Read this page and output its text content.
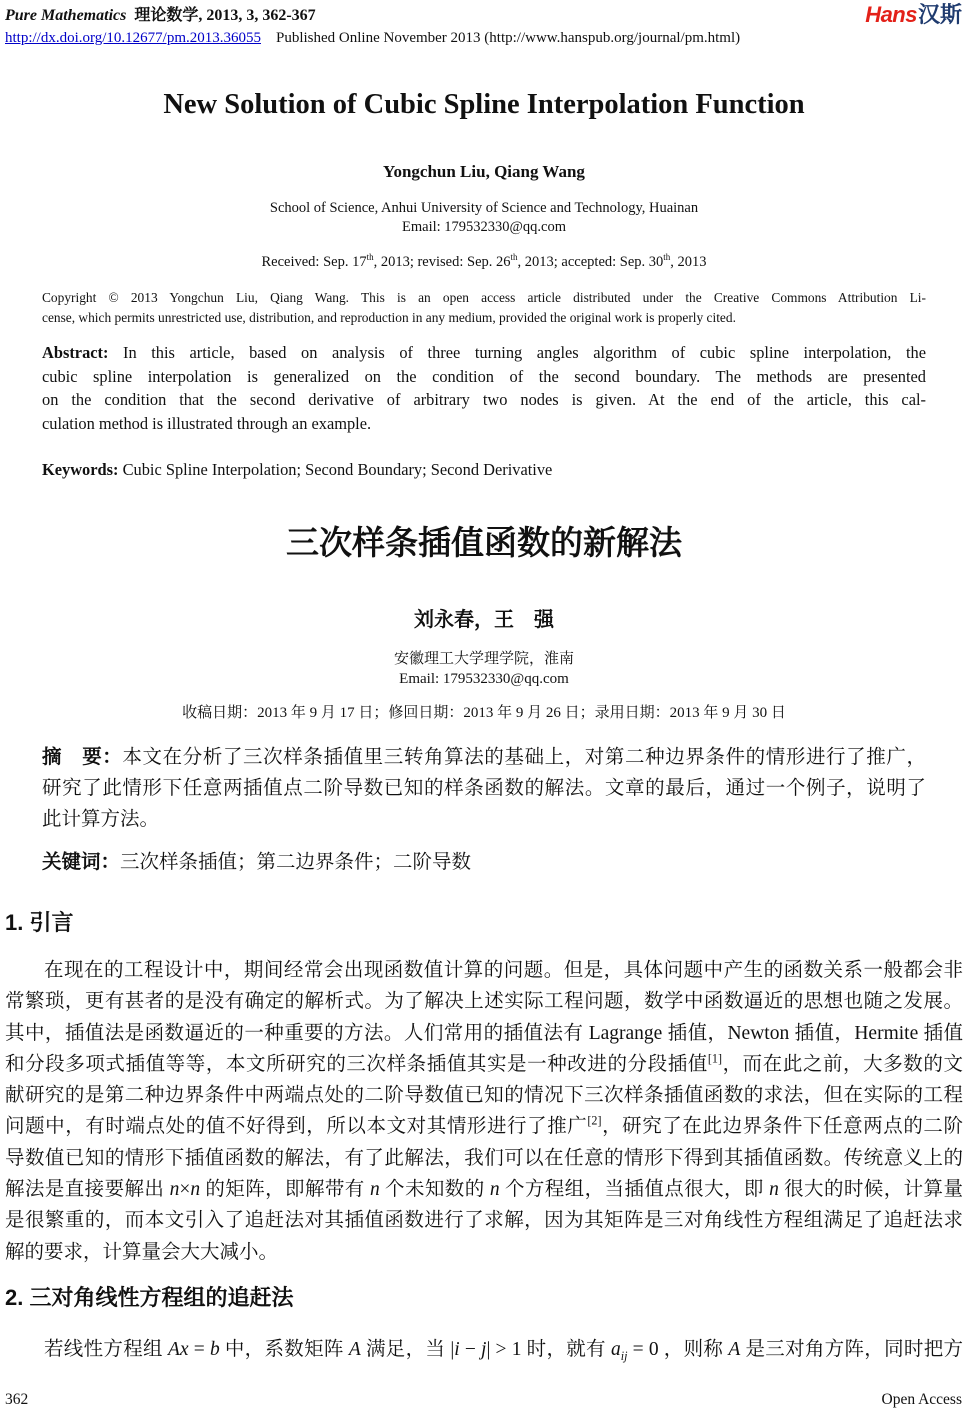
Pure Mathematics  理论数学, 2013, 3, 362-367
http://dx.doi.org/10.12677/pm.2013.36055    Published Online November 2013 (http://www.hanspub.org/journal/pm.html)
Hans汉斯
New Solution of Cubic Spline Interpolation Function
Yongchun Liu, Qiang Wang
School of Science, Anhui University of Science and Technology, Huainan
Email: 179532330@qq.com
Received: Sep. 17th, 2013; revised: Sep. 26th, 2013; accepted: Sep. 30th, 2013
Copyright © 2013 Yongchun Liu, Qiang Wang. This is an open access article distributed under the Creative Commons Attribution Li-
cense, which permits unrestricted use, distribution, and reproduction in any medium, provided the original work is properly cited.
Abstract: In this article, based on analysis of three turning angles algorithm of cubic spline interpolation, the
cubic spline interpolation is generalized on the condition of the second boundary. The methods are presented
on the condition that the second derivative of arbitrary two nodes is given. At the end of the article, this cal-
culation method is illustrated through an example.
Keywords: Cubic Spline Interpolation; Second Boundary; Second Derivative
三次样条插值函数的新解法
刘永春，王　强
安徽理工大学理学院，淮南
Email: 179532330@qq.com
收稿日期：2013 年 9 月 17 日；修回日期：2013 年 9 月 26 日；录用日期：2013 年 9 月 30 日
摘　要：本文在分析了三次样条插值里三转角算法的基础上，对第二种边界条件的情形进行了推广，
研究了此情形下任意两插值点二阶导数已知的样条函数的解法。文章的最后，通过一个例子，说明了
此计算方法。
关键词：三次样条插值；第二边界条件；二阶导数
1. 引言
在现在的工程设计中，期间经常会出现函数值计算的问题。但是，具体问题中产生的函数关系一般都会非
常繁琐，更有甚者的是没有确定的解析式。为了解决上述实际工程问题，数学中函数逼近的思想也随之发展。
其中，插值法是函数逼近的一种重要的方法。人们常用的插值法有 Lagrange 插值，Newton 插值，Hermite 插值
和分段多项式插值等等，本文所研究的三次样条插值其实是一种改进的分段插值[1]，而在此之前，大多数的文
献研究的是第二种边界条件中两端点处的二阶导数值已知的情况下三次样条插值函数的求法，但在实际的工程
问题中，有时端点处的值不好得到，所以本文对其情形进行了推广[2]，研究了在此边界条件下任意两点的二阶
导数值已知的情形下插值函数的解法，有了此解法，我们可以在任意的情形下得到其插值函数。传统意义上的
解法是直接要解出 n×n 的矩阵，即解带有 n 个未知数的 n 个方程组，当插值点很大，即 n 很大的时候，计算量
是很繁重的，而本文引入了追赶法对其插值函数进行了求解，因为其矩阵是三对角线性方程组满足了追赶法求
解的要求，计算量会大大减小。
2. 三对角线性方程组的追赶法
若线性方程组 Ax = b 中，系数矩阵 A 满足，当 |i − j| > 1 时，就有 $a_{ij} = 0$ ，则称 A 是三对角方阵，同时把方
362	Open Access
